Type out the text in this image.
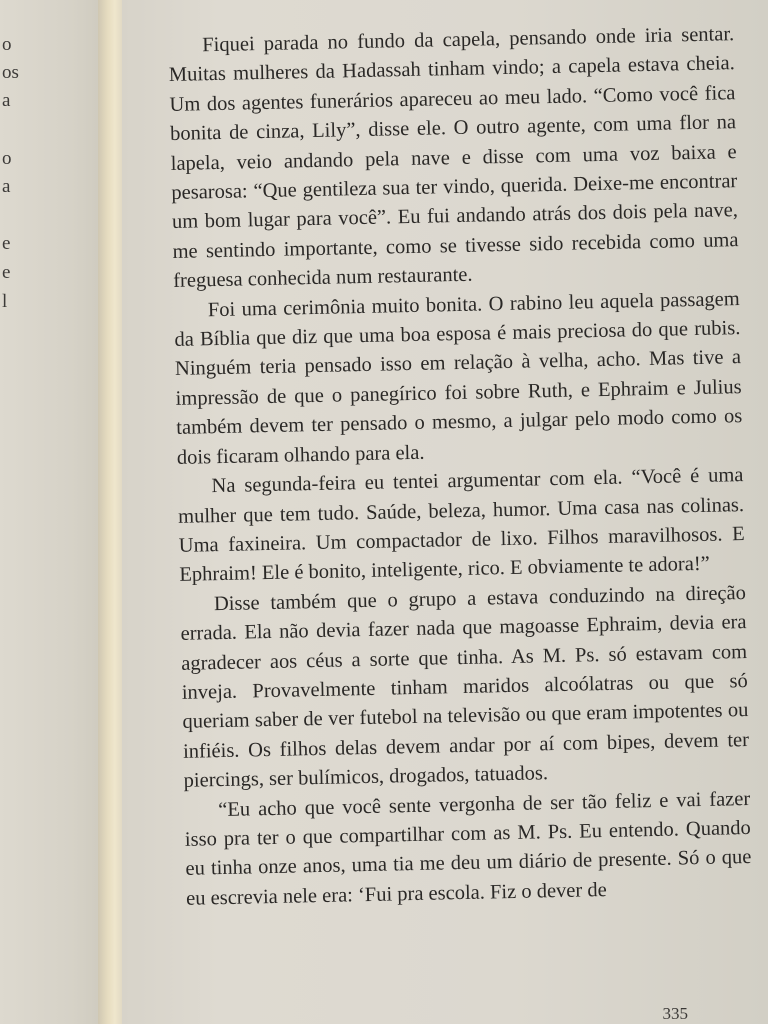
o
os
a
o
a
e
e
l

Fiquei parada no fundo da capela, pensando onde iria sentar. Muitas mulheres da Hadassah tinham vindo; a capela estava cheia. Um dos agentes funerários apareceu ao meu lado. “Como você fica bonita de cinza, Lily”, disse ele. O outro agente, com uma flor na lapela, veio andando pela nave e disse com uma voz baixa e pesarosa: “Que gentileza sua ter vindo, querida. Deixe-me encontrar um bom lugar para você”. Eu fui andando atrás dos dois pela nave, me sentindo importante, como se tivesse sido recebida como uma freguesa conhecida num restaurante.

Foi uma cerimônia muito bonita. O rabino leu aquela passagem da Bíblia que diz que uma boa esposa é mais preciosa do que rubis. Ninguém teria pensado isso em relação à velha, acho. Mas tive a impressão de que o panegírico foi sobre Ruth, e Ephraim e Julius também devem ter pensado o mesmo, a julgar pelo modo como os dois ficaram olhando para ela.

Na segunda-feira eu tentei argumentar com ela. “Você é uma mulher que tem tudo. Saúde, beleza, humor. Uma casa nas colinas. Uma faxineira. Um compactador de lixo. Filhos maravilhosos. E Ephraim! Ele é bonito, inteligente, rico. E obviamente te adora!”

Disse também que o grupo a estava conduzindo na direção errada. Ela não devia fazer nada que magoasse Ephraim, devia era agradecer aos céus a sorte que tinha. As M. Ps. só estavam com inveja. Provavelmente tinham maridos alcoólatras ou que só queriam saber de ver futebol na televisão ou que eram impotentes ou infiéis. Os filhos delas devem andar por aí com bipes, devem ter piercings, ser bulímicos, drogados, tatuados.

“Eu acho que você sente vergonha de ser tão feliz e vai fazer isso pra ter o que compartilhar com as M. Ps. Eu entendo. Quando eu tinha onze anos, uma tia me deu um diário de presente. Só o que eu escrevia nele era: ‘Fui pra escola. Fiz o dever de

335
